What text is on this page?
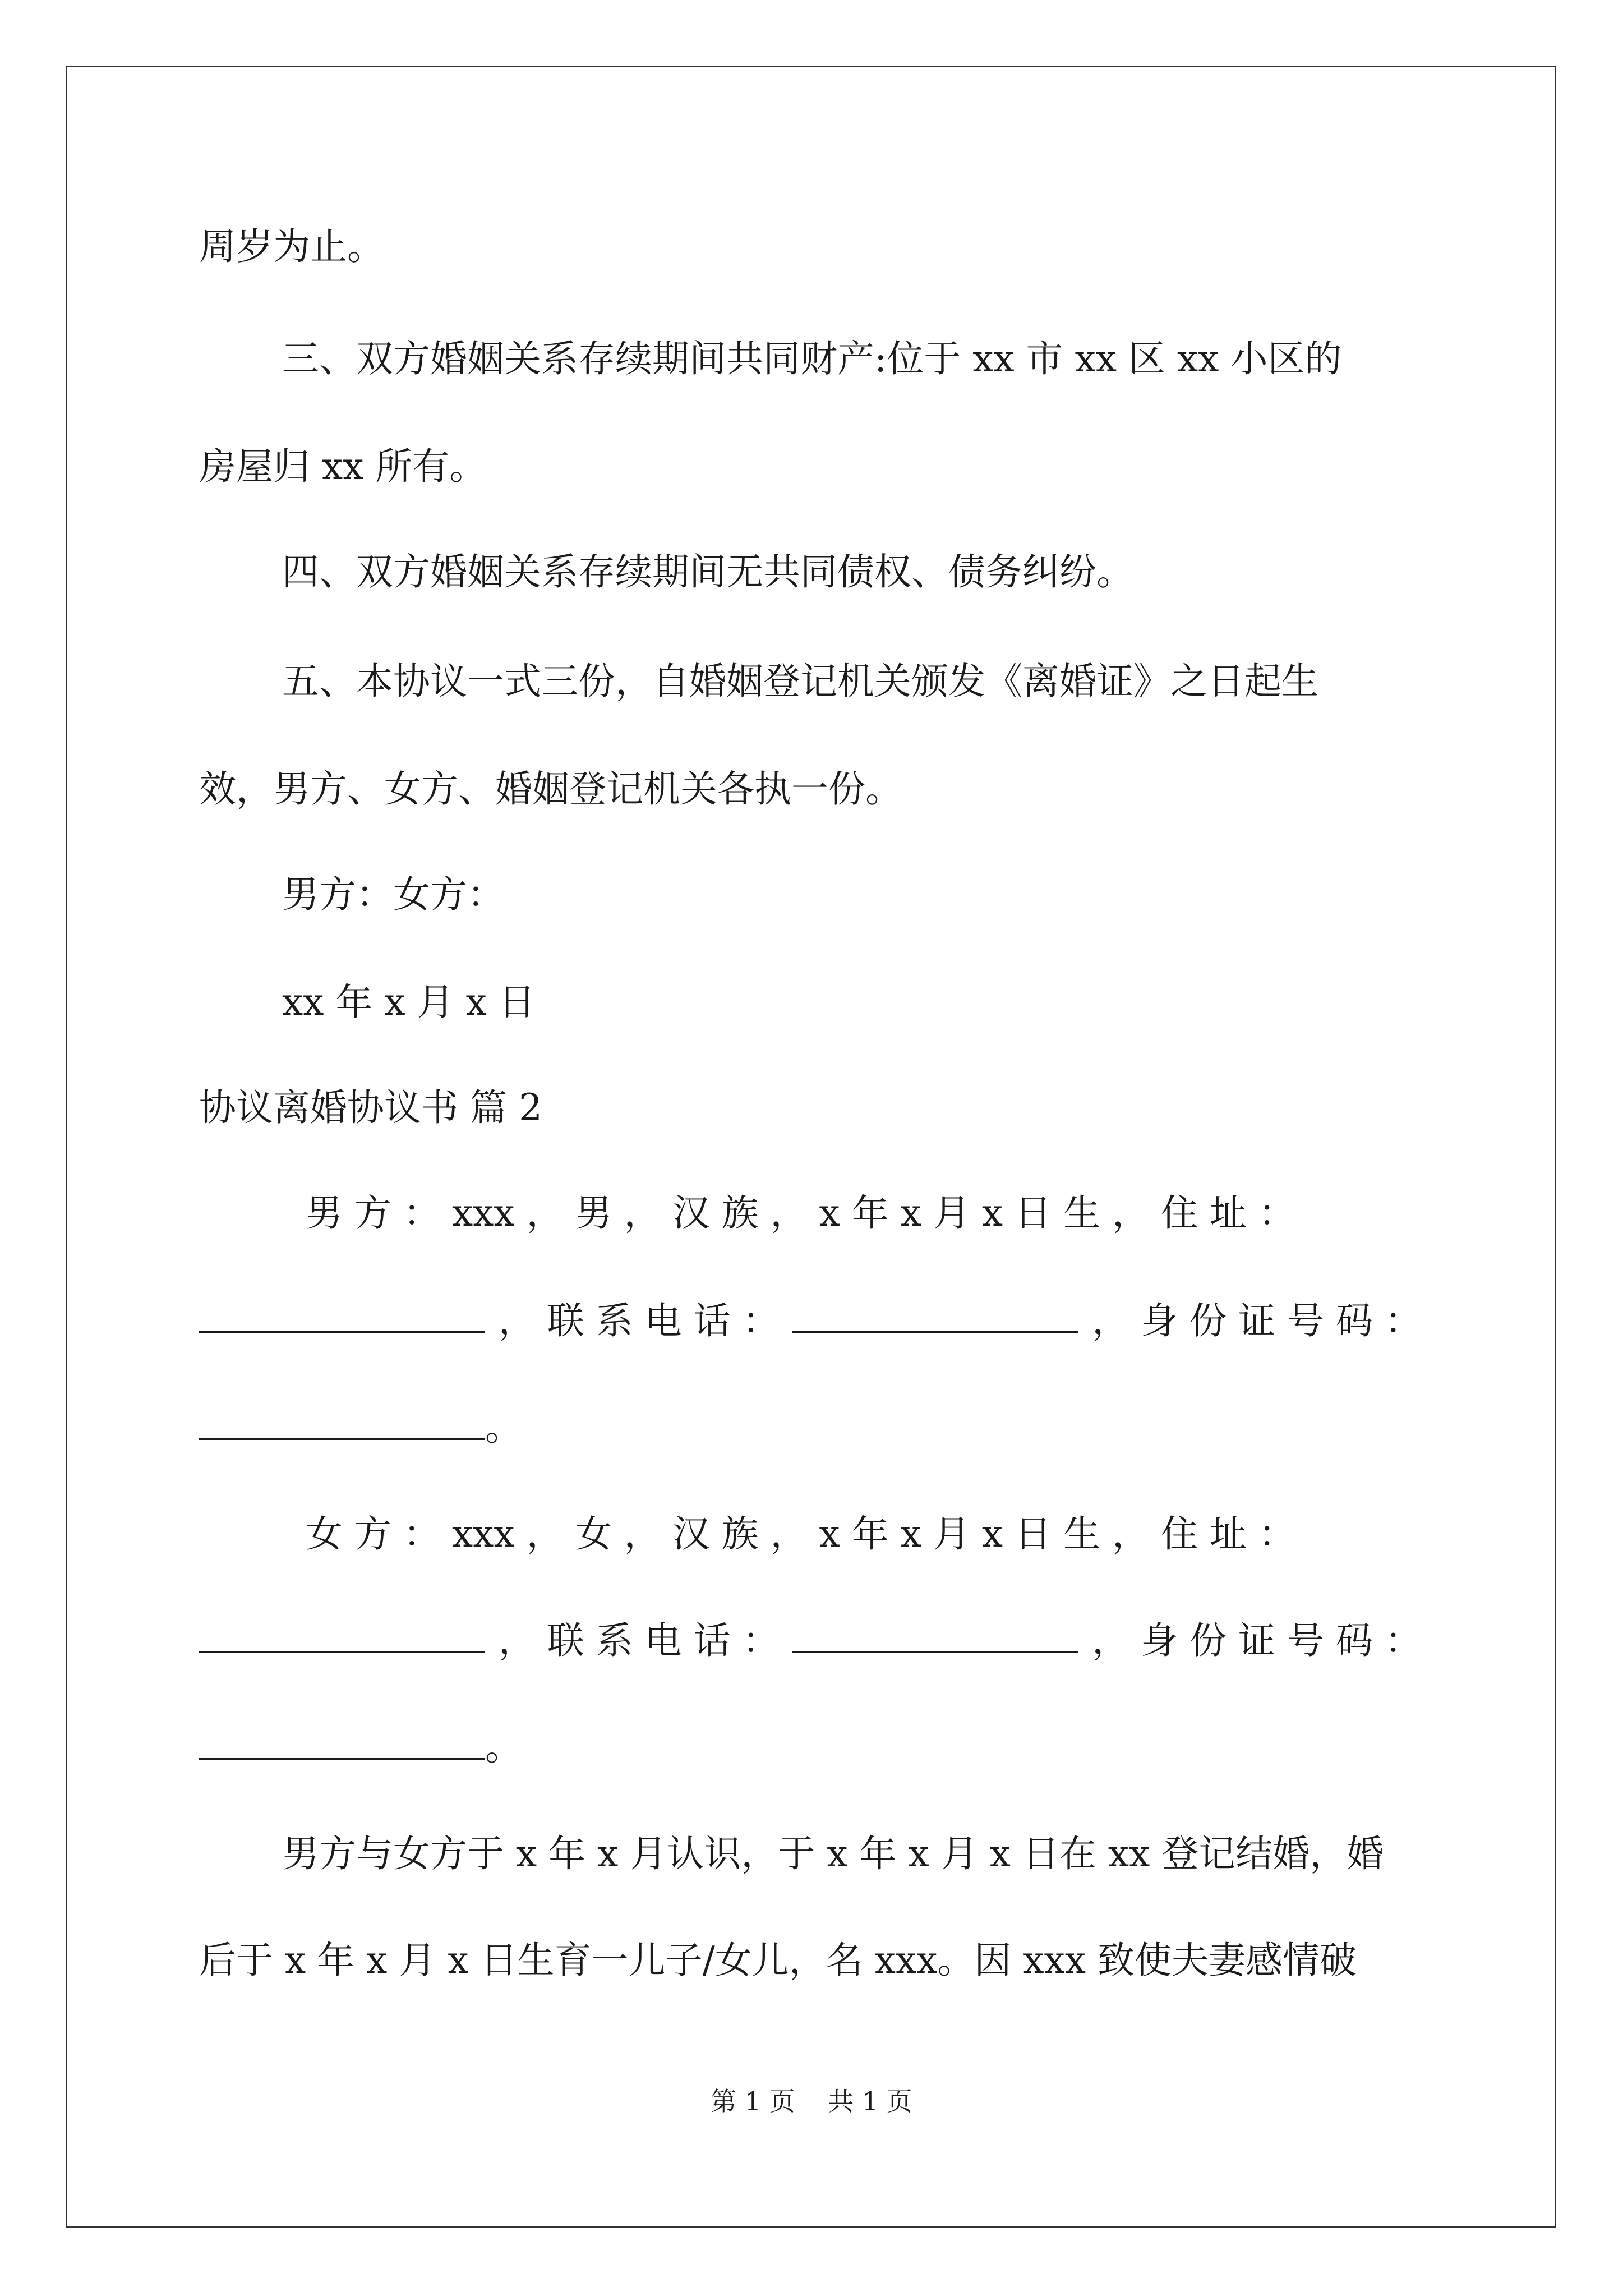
周岁为止。
三、双方婚姻关系存续期间共同财产:位于 xx 市 xx 区 xx 小区的
房屋归 xx 所有。
四、双方婚姻关系存续期间无共同债权、债务纠纷。
五、本协议一式三份，自婚姻登记机关颁发《离婚证》之日起生
效，男方、女方、婚姻登记机关各执一份。
男方：女方：
xx 年 x 月 x 日
协议离婚协议书 篇 2
男 方 ： xxx ， 男 ， 汉 族 ， x 年 x 月 x 日 生 ， 住 址 ：
， 联 系 电 话 ：	， 身 份 证 号 码 ：
。
女 方 ： xxx ， 女 ， 汉 族 ， x 年 x 月 x 日 生 ， 住 址 ：
， 联 系 电 话 ：	， 身 份 证 号 码 ：
。
男方与女方于 x 年 x 月认识，于 x 年 x 月 x 日在 xx 登记结婚，婚
后于 x 年 x 月 x 日生育一儿子/女儿，名 xxx。因 xxx 致使夫妻感情破
第 1 页    共 1 页
